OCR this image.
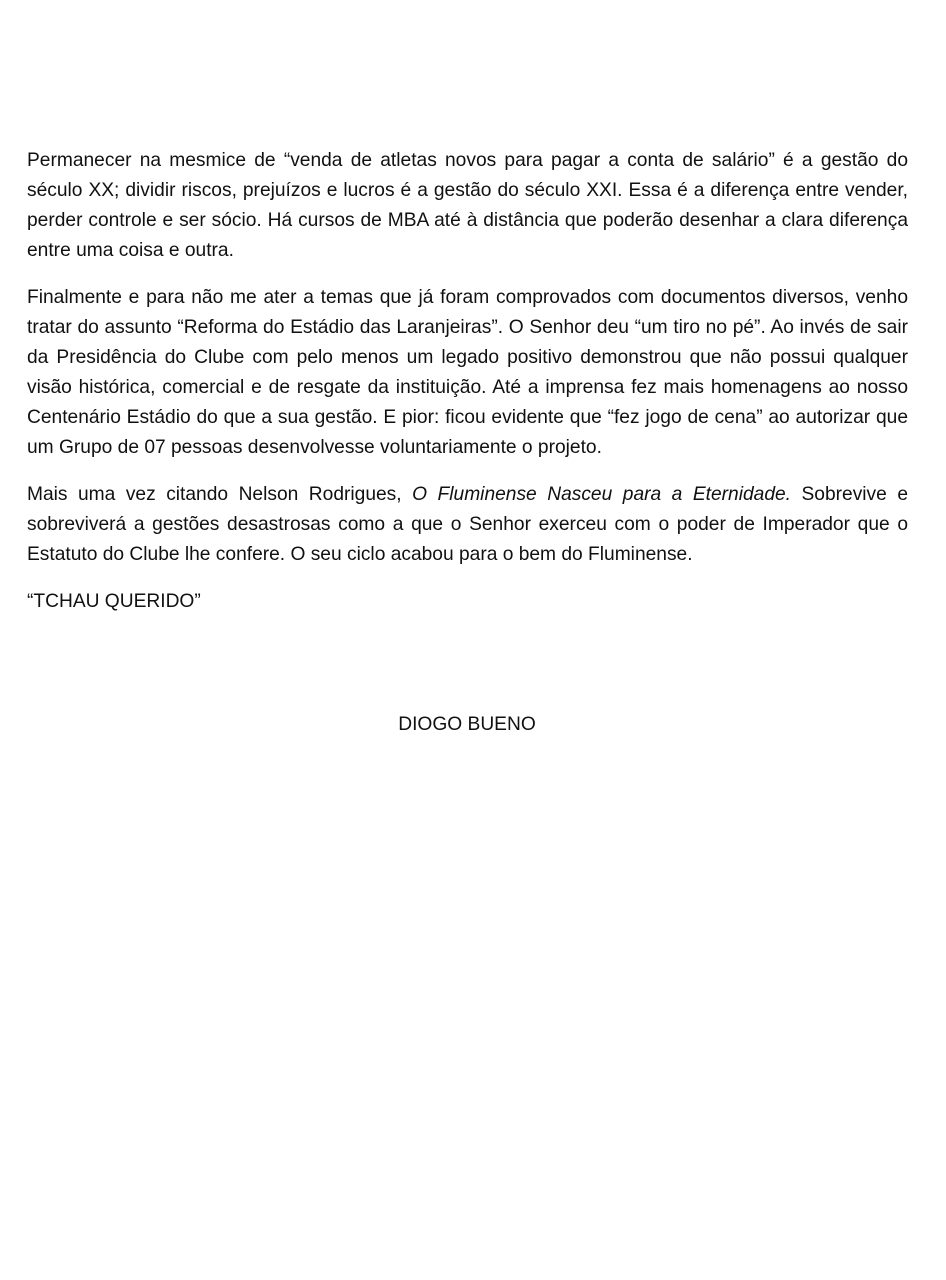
Permanecer na mesmice de “venda de atletas novos para pagar a conta de salário” é a gestão do século XX; dividir riscos, prejuízos e lucros é a gestão do século XXI. Essa é a diferença entre vender, perder controle e ser sócio. Há cursos de MBA até à distância que poderão desenhar a clara diferença entre uma coisa e outra.

Finalmente e para não me ater a temas que já foram comprovados com documentos diversos, venho tratar do assunto “Reforma do Estádio das Laranjeiras”. O Senhor deu “um tiro no pé”. Ao invés de sair da Presidência do Clube com pelo menos um legado positivo demonstrou que não possui qualquer visão histórica, comercial e de resgate da instituição. Até a imprensa fez mais homenagens ao nosso Centenário Estádio do que a sua gestão. E pior: ficou evidente que “fez jogo de cena” ao autorizar que um Grupo de 07 pessoas desenvolvesse voluntariamente o projeto.

Mais uma vez citando Nelson Rodrigues, O Fluminense Nasceu para a Eternidade. Sobrevive e sobreviverá a gestões desastrosas como a que o Senhor exerceu com o poder de Imperador que o Estatuto do Clube lhe confere. O seu ciclo acabou para o bem do Fluminense.

“TCHAU QUERIDO”

DIOGO BUENO
